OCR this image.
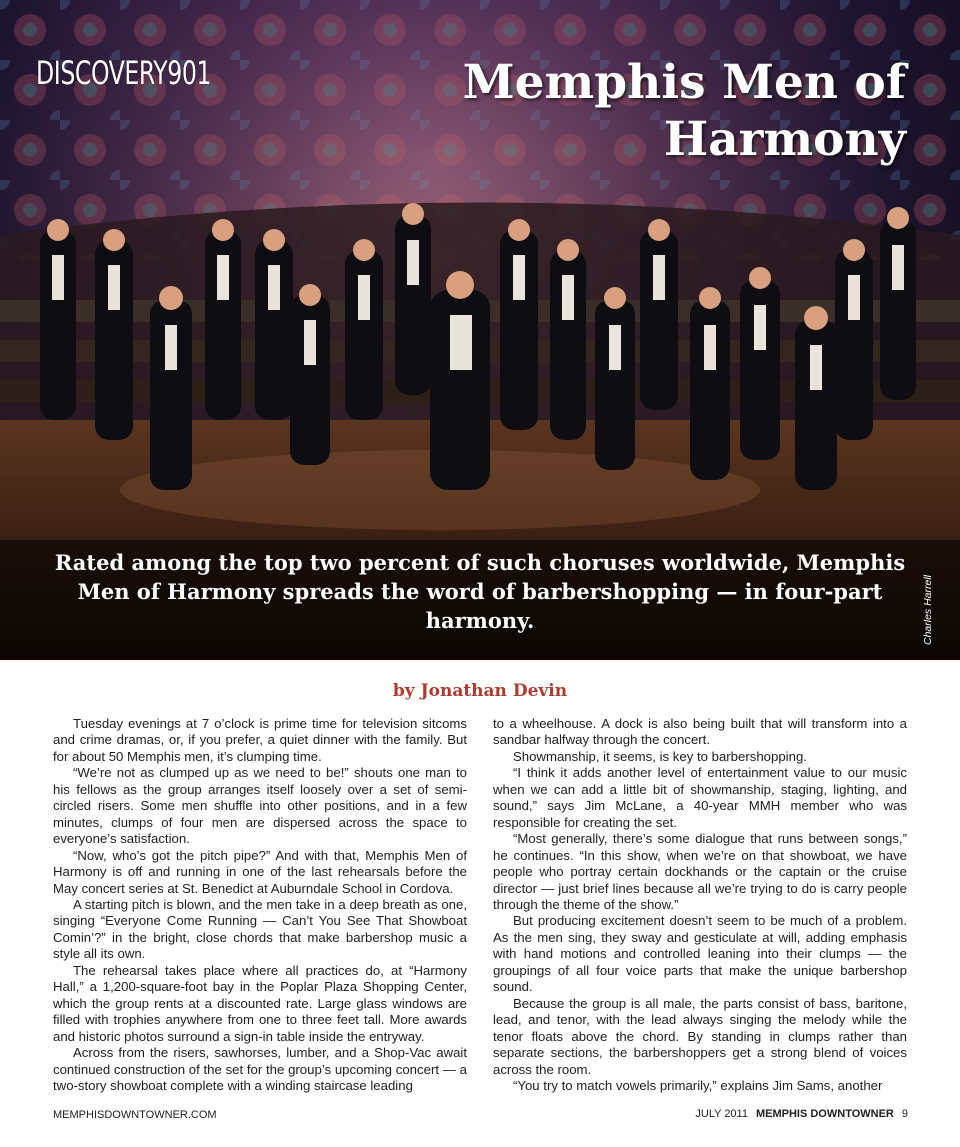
DISCOVERY901	Memphis Men of Harmony
Rated among the top two percent of such choruses worldwide, Memphis Men of Harmony spreads the word of barbershopping — in four-part harmony.	Charles Harrell
by Jonathan Devin

Tuesday evenings at 7 o’clock is prime time for television sitcoms and crime dramas, or, if you prefer, a quiet dinner with the family. But for about 50 Memphis men, it’s clumping time.

“We’re not as clumped up as we need to be!” shouts one man to his fellows as the group arranges itself loosely over a set of semi-circled risers. Some men shuffle into other positions, and in a few minutes, clumps of four men are dispersed across the space to everyone’s satisfaction.

“Now, who’s got the pitch pipe?” And with that, Memphis Men of Harmony is off and running in one of the last rehearsals before the May concert series at St. Benedict at Auburndale School in Cordova.

A starting pitch is blown, and the men take in a deep breath as one, singing “Everyone Come Running — Can’t You See That Showboat Comin’?” in the bright, close chords that make barbershop music a style all its own.

The rehearsal takes place where all practices do, at “Harmony Hall,” a 1,200-square-foot bay in the Poplar Plaza Shopping Center, which the group rents at a discounted rate. Large glass windows are filled with trophies anywhere from one to three feet tall. More awards and historic photos surround a sign-in table inside the entryway.

Across from the risers, sawhorses, lumber, and a Shop-Vac await continued construction of the set for the group’s upcoming concert — a two-story showboat complete with a winding staircase leading

to a wheelhouse. A dock is also being built that will transform into a sandbar halfway through the concert.

Showmanship, it seems, is key to barbershopping.

“I think it adds another level of entertainment value to our music when we can add a little bit of showmanship, staging, lighting, and sound,” says Jim McLane, a 40-year MMH member who was responsible for creating the set.

“Most generally, there’s some dialogue that runs between songs,” he continues. “In this show, when we’re on that showboat, we have people who portray certain dockhands or the captain or the cruise director — just brief lines because all we’re trying to do is carry people through the theme of the show.”

But producing excitement doesn’t seem to be much of a problem. As the men sing, they sway and gesticulate at will, adding emphasis with hand motions and controlled leaning into their clumps — the groupings of all four voice parts that make the unique barbershop sound.

Because the group is all male, the parts consist of bass, baritone, lead, and tenor, with the lead always singing the melody while the tenor floats above the chord. By standing in clumps rather than separate sections, the barbershoppers get a strong blend of voices across the room.

“You try to match vowels primarily,” explains Jim Sams, another

MEMPHISDOWNTOWNER.COM	JULY 2011 MEMPHIS DOWNTOWNER 9
